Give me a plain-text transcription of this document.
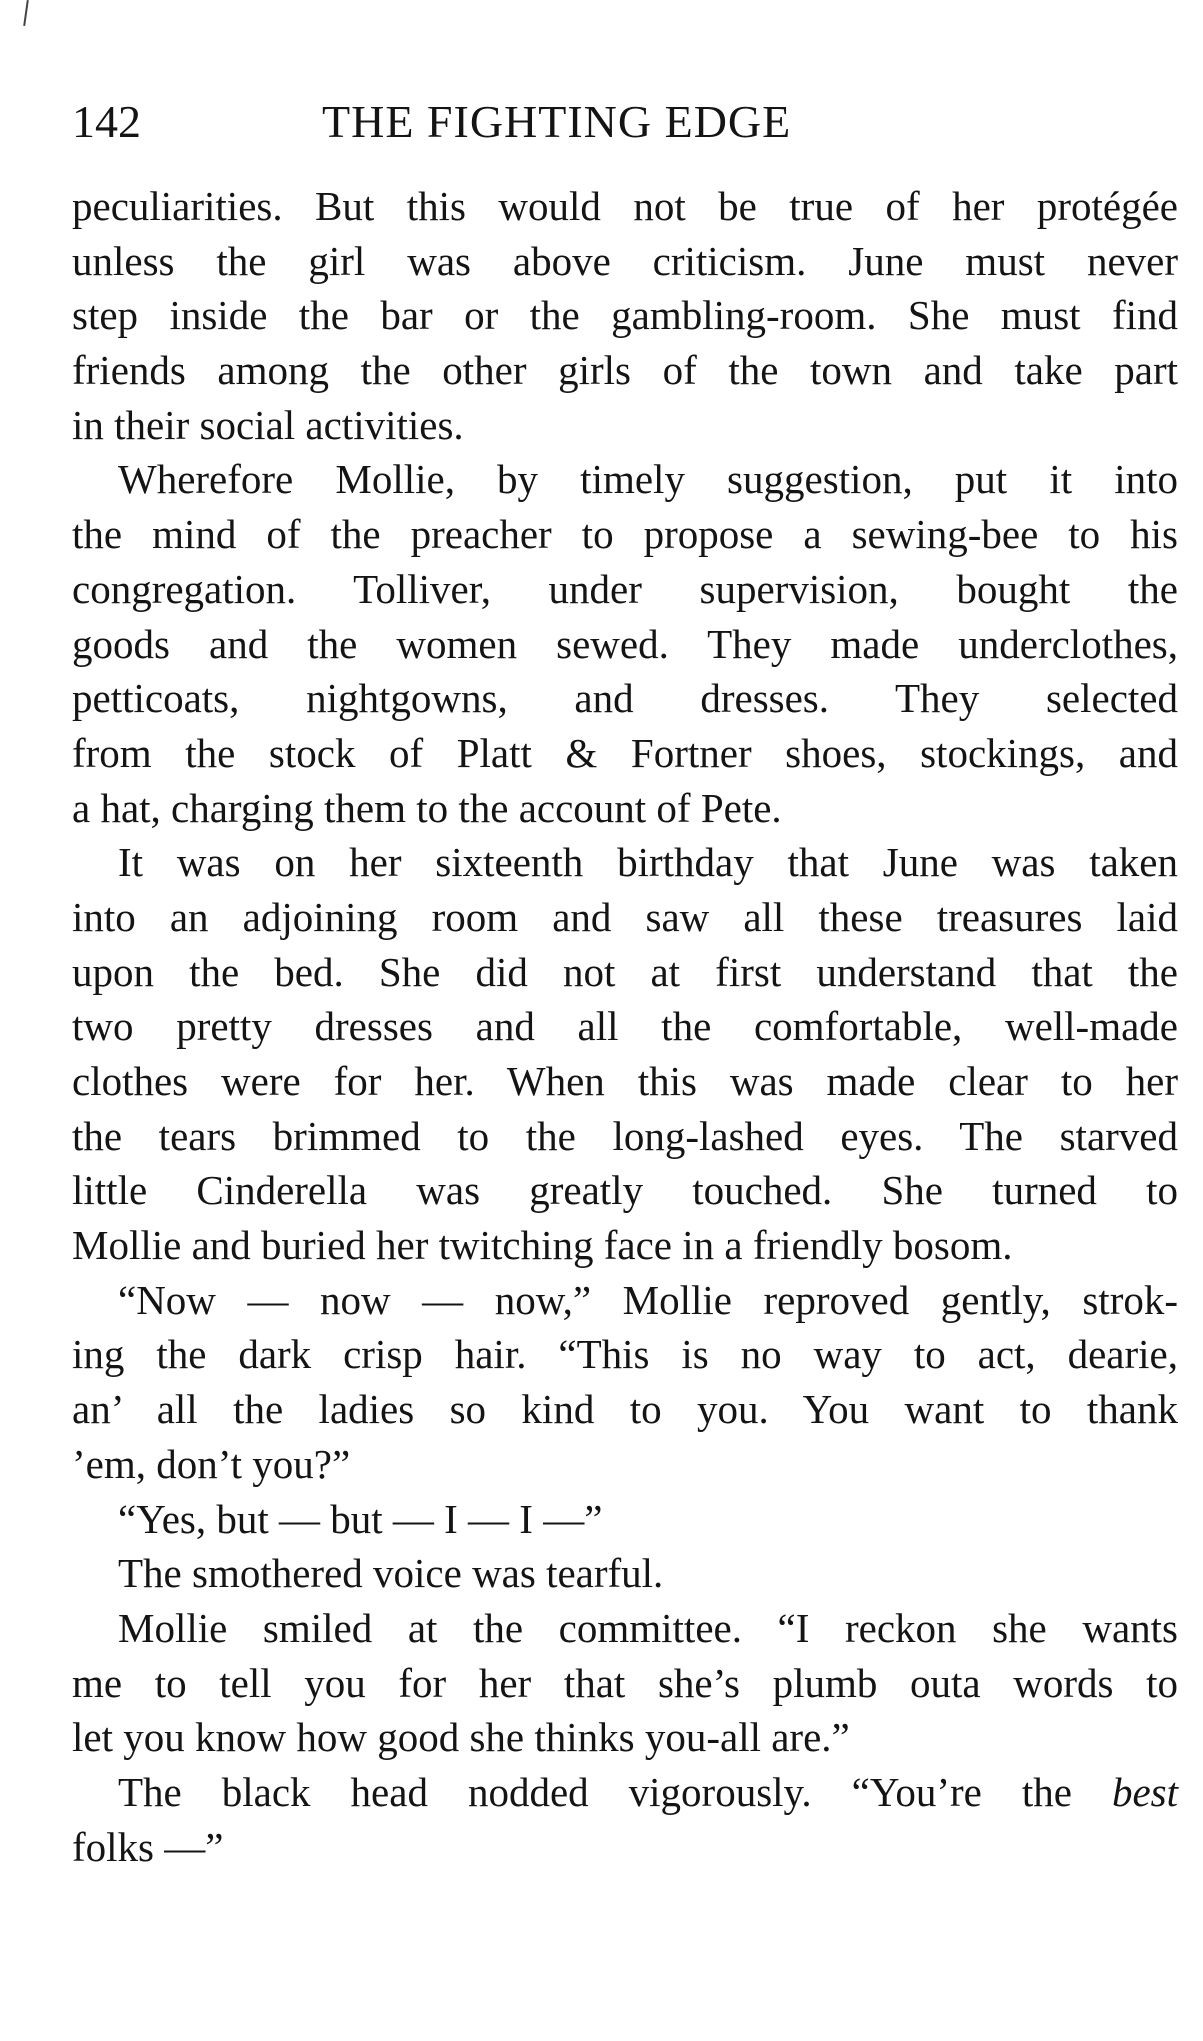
142	THE FIGHTING EDGE
peculiarities. But this would not be true of her protégée
unless the girl was above criticism. June must never
step inside the bar or the gambling-room. She must find
friends among the other girls of the town and take part
in their social activities.
Wherefore Mollie, by timely suggestion, put it into
the mind of the preacher to propose a sewing-bee to his
congregation. Tolliver, under supervision, bought the
goods and the women sewed. They made underclothes,
petticoats, nightgowns, and dresses. They selected
from the stock of Platt & Fortner shoes, stockings, and
a hat, charging them to the account of Pete.
It was on her sixteenth birthday that June was taken
into an adjoining room and saw all these treasures laid
upon the bed. She did not at first understand that the
two pretty dresses and all the comfortable, well-made
clothes were for her. When this was made clear to her
the tears brimmed to the long-lashed eyes. The starved
little Cinderella was greatly touched. She turned to
Mollie and buried her twitching face in a friendly bosom.
“Now — now — now,” Mollie reproved gently, strok-
ing the dark crisp hair. “This is no way to act, dearie,
an’ all the ladies so kind to you. You want to thank
’em, don’t you?”
“Yes, but — but — I — I —”
The smothered voice was tearful.
Mollie smiled at the committee. “I reckon she wants
me to tell you for her that she’s plumb outa words to
let you know how good she thinks you-all are.”
The black head nodded vigorously. “You’re the best
folks —”
